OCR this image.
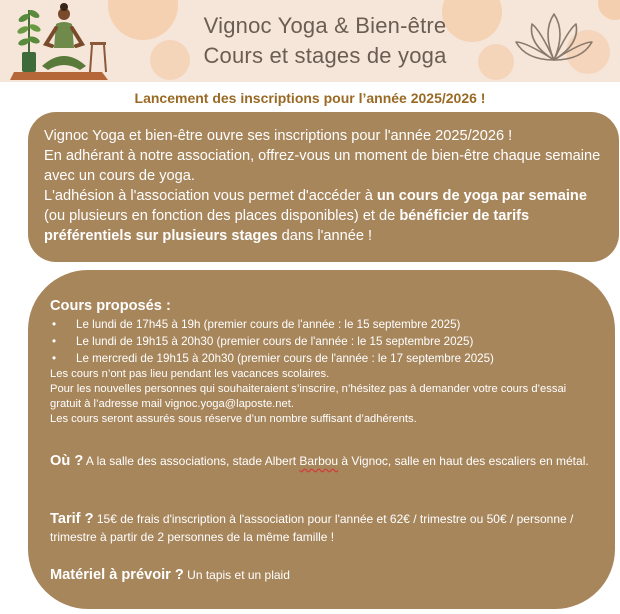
Vignoc Yoga & Bien-être
Cours et stages de yoga
Lancement des inscriptions pour l’année 2025/2026 !

Vignoc Yoga et bien-être ouvre ses inscriptions pour l'année 2025/2026 !

En adhérant à notre association, offrez-vous un moment de bien-être chaque semaine avec un cours de yoga.

L'adhésion à l'association vous permet d'accéder à un cours de yoga par semaine (ou plusieurs en fonction des places disponibles) et de bénéficier de tarifs préférentiels sur plusieurs stages dans l'année !

Cours proposés :
• Le lundi de 17h45 à 19h (premier cours de l'année : le 15 septembre 2025)
• Le lundi de 19h15 à 20h30 (premier cours de l'année : le 15 septembre 2025)
• Le mercredi de 19h15 à 20h30 (premier cours de l'année : le 17 septembre 2025)
Les cours n’ont pas lieu pendant les vacances scolaires.
Pour les nouvelles personnes qui souhaiteraient s’inscrire, n’hésitez pas à demander votre cours d’essai gratuit à l’adresse mail vignoc.yoga@laposte.net.
Les cours seront assurés sous réserve d’un nombre suffisant d’adhérents.
Où ? A la salle des associations, stade Albert Barbou à Vignoc, salle en haut des escaliers en métal.
Tarif ? 15€ de frais d'inscription à l'association pour l'année et 62€ / trimestre ou 50€ / personne / trimestre à partir de 2 personnes de la même famille !
Matériel à prévoir ? Un tapis et un plaid
